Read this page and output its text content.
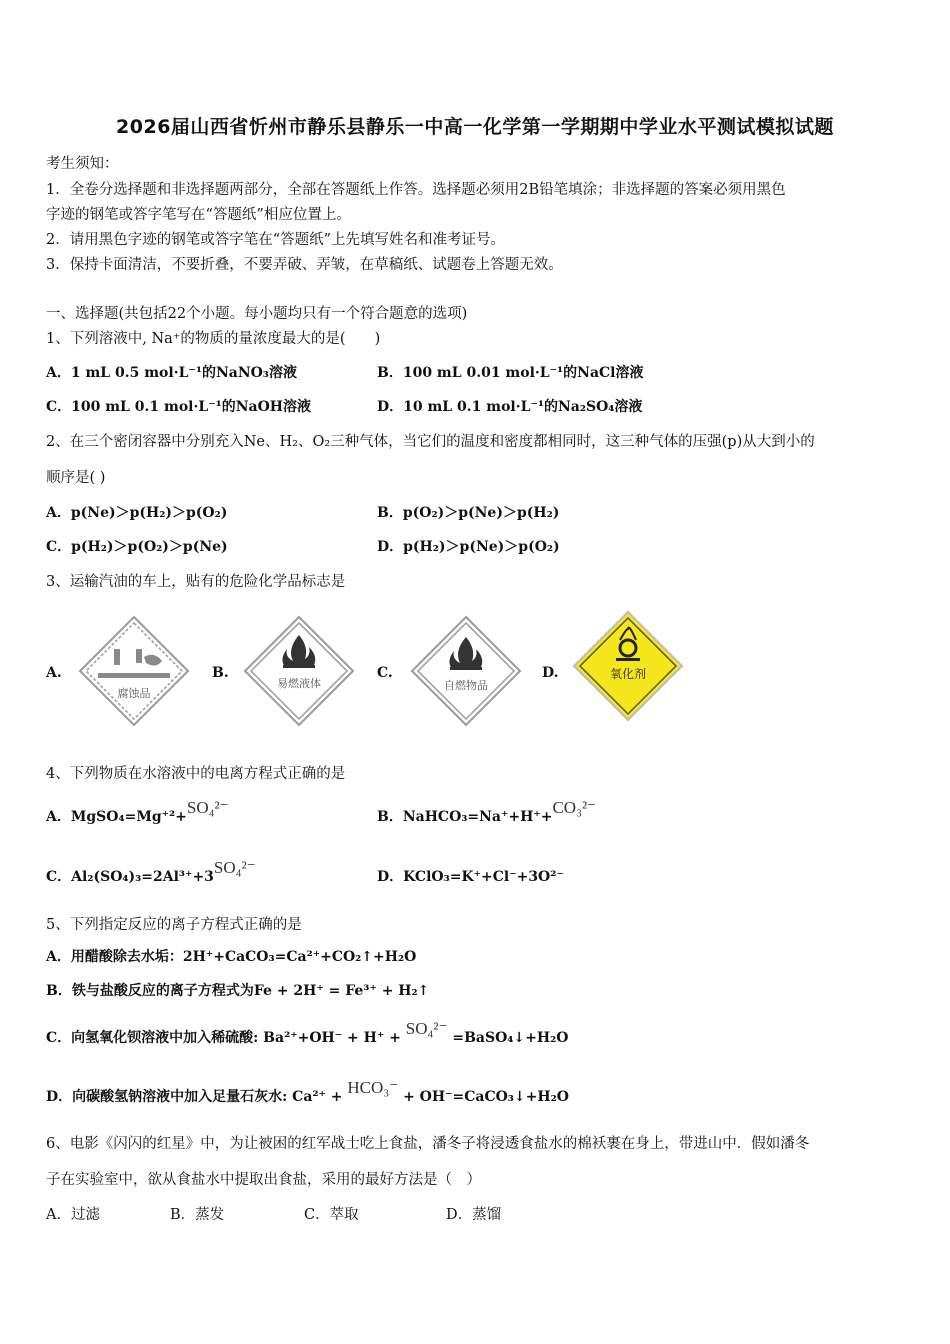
2026届山西省忻州市静乐县静乐一中高一化学第一学期期中学业水平测试模拟试题
考生须知：
1．全卷分选择题和非选择题两部分，全部在答题纸上作答。选择题必须用2B铅笔填涂；非选择题的答案必须用黑色
字迹的钢笔或答字笔写在“答题纸”相应位置上。
2．请用黑色字迹的钢笔或答字笔在“答题纸”上先填写姓名和准考证号。
3．保持卡面清洁，不要折叠，不要弄破、弄皱，在草稿纸、试题卷上答题无效。
一、选择题(共包括22个小题。每小题均只有一个符合题意的选项)
1、下列溶液中, Na⁺的物质的量浓度最大的是(　　)
A．1 mL 0.5 mol·L⁻¹的NaNO₃溶液	B．100 mL 0.01 mol·L⁻¹的NaCl溶液
C．100 mL 0.1 mol·L⁻¹的NaOH溶液	D．10 mL 0.1 mol·L⁻¹的Na₂SO₄溶液
2、在三个密闭容器中分别充入Ne、H₂、O₂三种气体，当它们的温度和密度都相同时，这三种气体的压强(p)从大到小的
顺序是( )
A．p(Ne)＞p(H₂)＞p(O₂)	B．p(O₂)＞p(Ne)＞p(H₂)
C．p(H₂)＞p(O₂)＞p(Ne)	D．p(H₂)＞p(Ne)＞p(O₂)
3、运输汽油的车上，贴有的危险化学品标志是
A.
腐蚀品
B.
易燃液体
C.
自燃物品
D.	氧化剂
4、下列物质在水溶液中的电离方程式正确的是
A．MgSO₄=Mg⁺²+SO₄²⁻	B．NaHCO₃=Na⁺+H⁺+CO₃²⁻
C．Al₂(SO₄)₃=2Al³⁺+3SO₄²⁻	D．KClO₃=K⁺+Cl⁻+3O²⁻
5、下列指定反应的离子方程式正确的是
A．用醋酸除去水垢：2H⁺+CaCO₃=Ca²⁺+CO₂↑+H₂O
B．铁与盐酸反应的离子方程式为Fe + 2H⁺ = Fe³⁺ + H₂↑
C．向氢氧化钡溶液中加入稀硫酸: Ba²⁺+OH⁻ + H⁺ + SO₄²⁻ =BaSO₄↓+H₂O
D．向碳酸氢钠溶液中加入足量石灰水: Ca²⁺ + HCO₃⁻ + OH⁻=CaCO₃↓+H₂O
6、电影《闪闪的红星》中，为让被困的红军战士吃上食盐，潘冬子将浸透食盐水的棉袄裹在身上，带进山中．假如潘冬
子在实验室中，欲从食盐水中提取出食盐，采用的最好方法是（　）
A．过滤	B．蒸发	C．萃取	D．蒸馏
